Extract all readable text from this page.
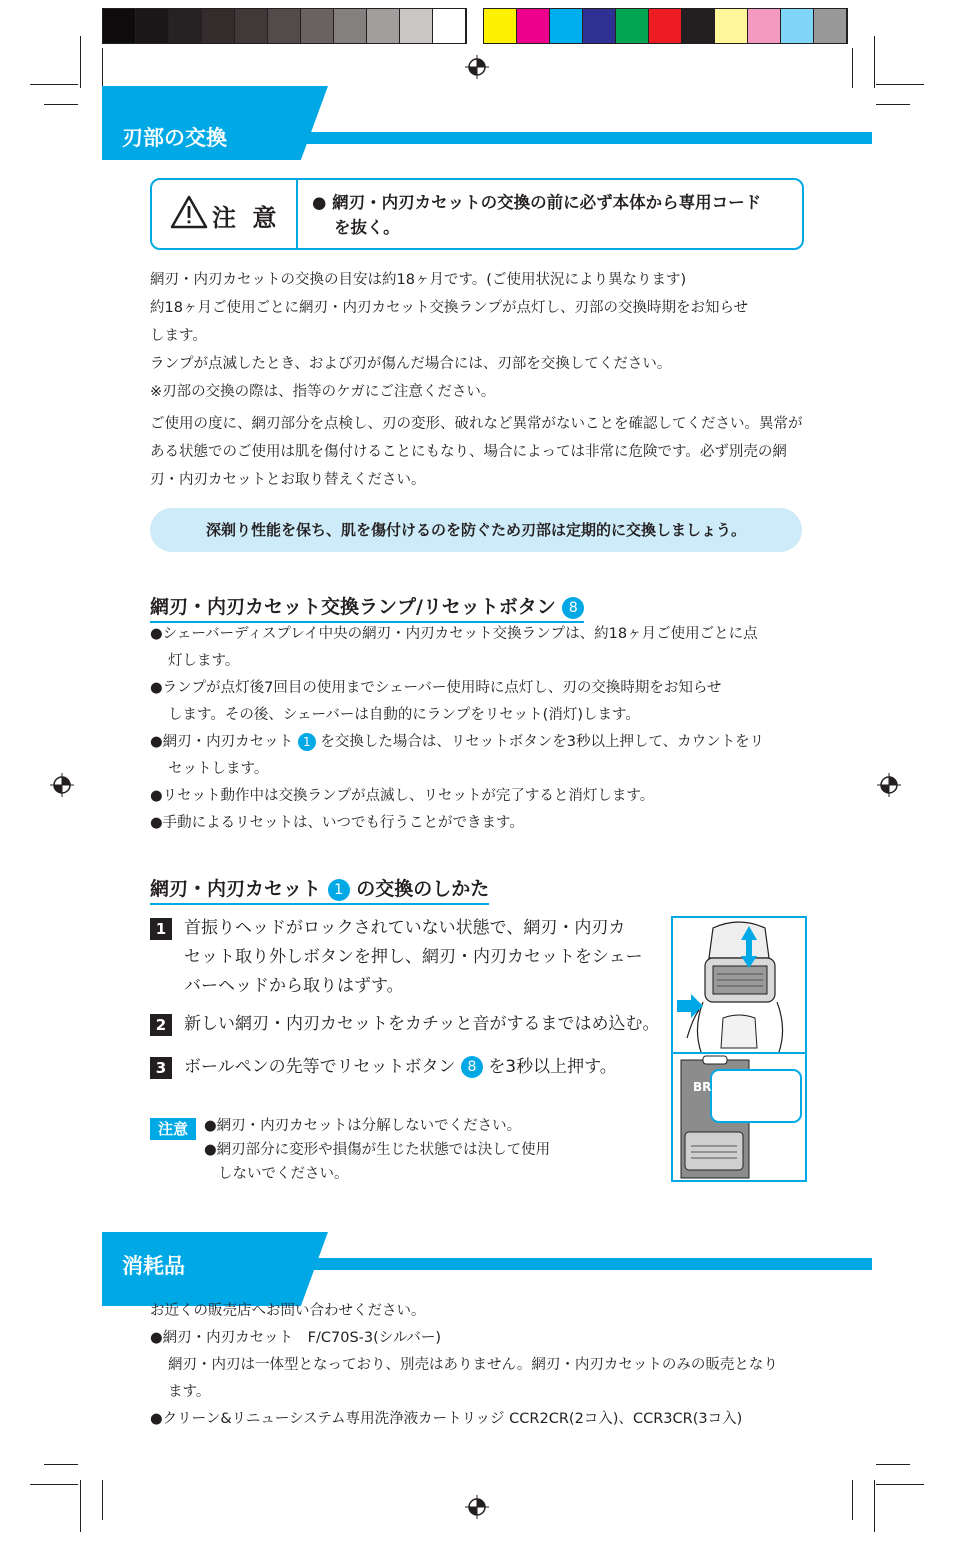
刃部の交換
注 意
● 網刃・内刃カセットの交換の前に必ず本体から専用コード
を抜く。
網刃・内刃カセットの交換の目安は約18ヶ月です。(ご使用状況により異なります)
約18ヶ月ご使用ごとに網刃・内刃カセット交換ランプが点灯し、刃部の交換時期をお知らせ
します。
ランプが点滅したとき、および刃が傷んだ場合には、刃部を交換してください。
※刃部の交換の際は、指等のケガにご注意ください。
ご使用の度に、網刃部分を点検し、刃の変形、破れなど異常がないことを確認してください。異常が
ある状態でのご使用は肌を傷付けることにもなり、場合によっては非常に危険です。必ず別売の網
刃・内刃カセットとお取り替えください。
深剃り性能を保ち、肌を傷付けるのを防ぐため刃部は定期的に交換しましょう。
網刃・内刃カセット交換ランプ/リセットボタン 8
●シェーバーディスプレイ中央の網刃・内刃カセット交換ランプは、約18ヶ月ご使用ごとに点
灯します。
●ランプが点灯後7回目の使用までシェーバー使用時に点灯し、刃の交換時期をお知らせ
します。その後、シェーバーは自動的にランプをリセット(消灯)します。
●網刃・内刃カセット 1 を交換した場合は、リセットボタンを3秒以上押して、カウントをリ
セットします。
●リセット動作中は交換ランプが点滅し、リセットが完了すると消灯します。
●手動によるリセットは、いつでも行うことができます。
網刃・内刃カセット 1 の交換のしかた
1	首振りヘッドがロックされていない状態で、網刃・内刃カ
セット取り外しボタンを押し、網刃・内刃カセットをシェー
バーヘッドから取りはずす。
2	新しい網刃・内刃カセットをカチッと音がするまではめ込む。
3	ボールペンの先等でリセットボタン 8 を3秒以上押す。
注意	●網刃・内刃カセットは分解しないでください。
●網刃部分に変形や損傷が生じた状態では決して使用
しないでください。
BR
消耗品
お近くの販売店へお問い合わせください。
●網刃・内刃カセット　F/C70S-3(シルバー)
網刃・内刃は一体型となっており、別売はありません。網刃・内刃カセットのみの販売となり
ます。
●クリーン&リニューシステム専用洗浄液カートリッジ CCR2CR(2コ入)、CCR3CR(3コ入)
